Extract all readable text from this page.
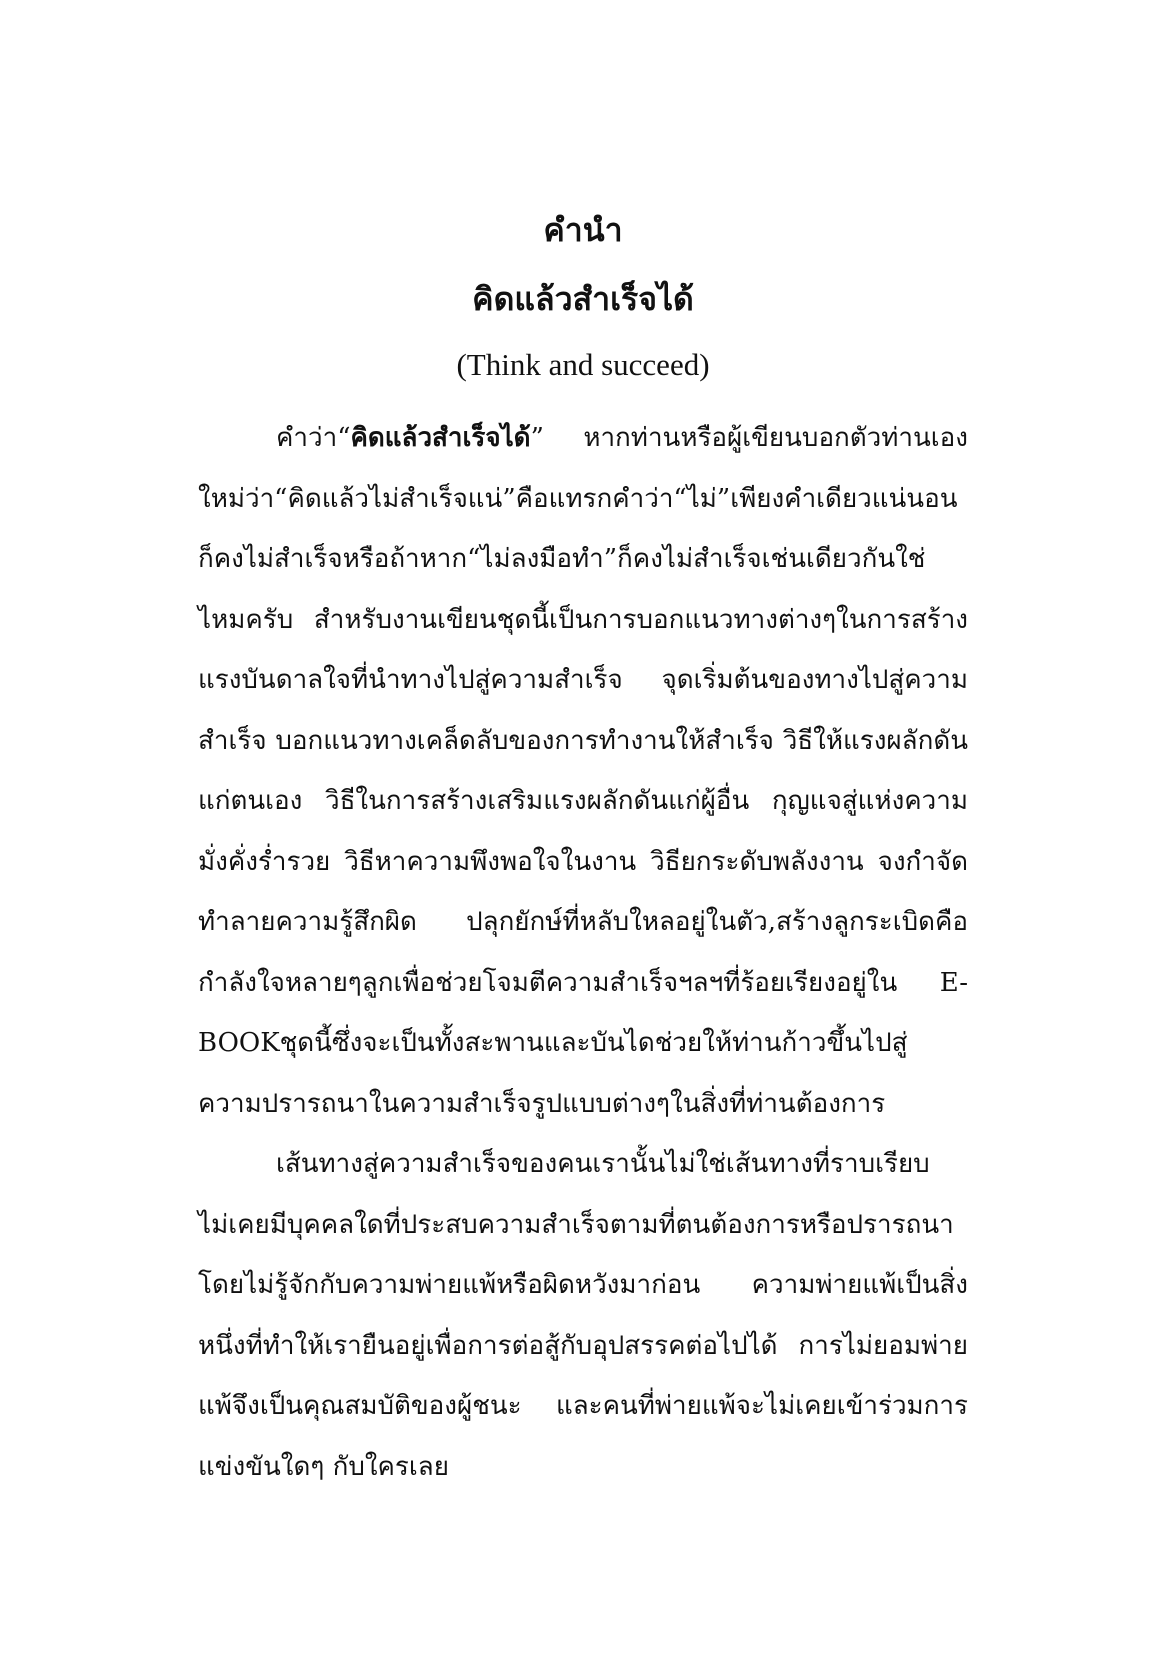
คำนำ
คิดแล้วสำเร็จได้

(Think and succeed)

คำว่า“คิดแล้วสำเร็จได้” หากท่านหรือผู้เขียนบอกตัวท่านเอง ใหม่ว่า“คิดแล้วไม่สำเร็จแน่”คือแทรกคำว่า“ไม่”เพียงคำเดียวแน่นอนก็คงไม่สำเร็จหรือถ้าหาก“ไม่ลงมือทำ”ก็คงไม่สำเร็จเช่นเดียวกันใช่ไหมครับ สำหรับงานเขียนชุดนี้เป็นการบอกแนวทางต่างๆในการสร้างแรงบันดาลใจที่นำทางไปสู่ความสำเร็จ จุดเริ่มต้นของทางไปสู่ความสำเร็จ บอกแนวทางเคล็ดลับของการทำงานให้สำเร็จ วิธีให้แรงผลักดันแก่ตนเอง วิธีในการสร้างเสริมแรงผลักดันแก่ผู้อื่น กุญแจสู่แห่งความมั่งคั่งร่ำรวย วิธีหาความพึงพอใจในงาน วิธียกระดับพลังงาน จงกำจัดทำลายความรู้สึกผิด ปลุกยักษ์ที่หลับใหลอยู่ในตัว,สร้างลูกระเบิดคือกำลังใจหลายๆลูกเพื่อช่วยโจมตีความสำเร็จฯลฯที่ร้อยเรียงอยู่ใน E-BOOKชุดนี้ซึ่งจะเป็นทั้งสะพานและบันไดช่วยให้ท่านก้าวขึ้นไปสู่ความปรารถนาในความสำเร็จรูปแบบต่างๆในสิ่งที่ท่านต้องการ

เส้นทางสู่ความสำเร็จของคนเรานั้นไม่ใช่เส้นทางที่ราบเรียบ ไม่เคยมีบุคคลใดที่ประสบความสำเร็จตามที่ตนต้องการหรือปรารถนาโดยไม่รู้จักกับความพ่ายแพ้หรือผิดหวังมาก่อน ความพ่ายแพ้เป็นสิ่งหนึ่งที่ทำให้เรายืนอยู่เพื่อการต่อสู้กับอุปสรรคต่อไปได้ การไม่ยอมพ่ายแพ้จึงเป็นคุณสมบัติของผู้ชนะ และคนที่พ่ายแพ้จะไม่เคยเข้าร่วมการแข่งขันใดๆ กับใครเลย
